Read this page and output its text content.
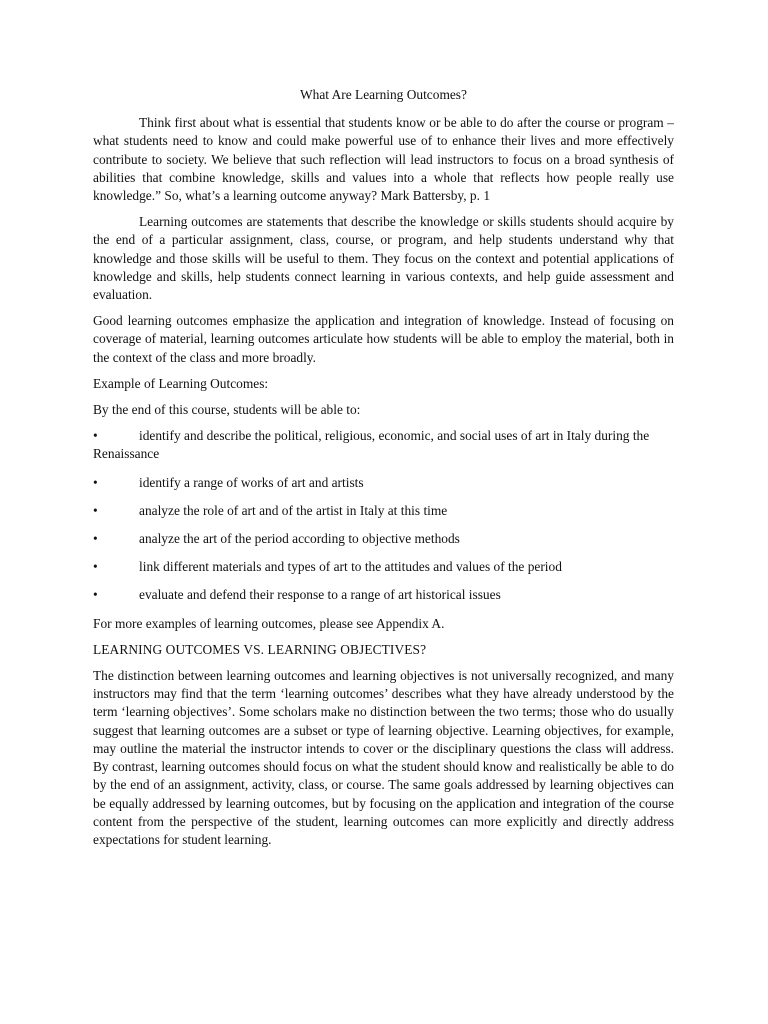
What Are Learning Outcomes?

Think first about what is essential that students know or be able to do after the course or program – what students need to know and could make powerful use of to enhance their lives and more effectively contribute to society. We believe that such reflection will lead instructors to focus on a broad synthesis of abilities that combine knowledge, skills and values into a whole that reflects how people really use knowledge.” So, what’s a learning outcome anyway? Mark Battersby, p. 1

Learning outcomes are statements that describe the knowledge or skills students should acquire by the end of a particular assignment, class, course, or program, and help students understand why that knowledge and those skills will be useful to them. They focus on the context and potential applications of knowledge and skills, help students connect learning in various contexts, and help guide assessment and evaluation.

Good learning outcomes emphasize the application and integration of knowledge. Instead of focusing on coverage of material, learning outcomes articulate how students will be able to employ the material, both in the context of the class and more broadly.

Example of Learning Outcomes:

By the end of this course, students will be able to:

•	identify and describe the political, religious, economic, and social uses of art in Italy during the Renaissance
•	identify a range of works of art and artists
•	analyze the role of art and of the artist in Italy at this time
•	analyze the art of the period according to objective methods
•	link different materials and types of art to the attitudes and values of the period
•	evaluate and defend their response to a range of art historical issues

For more examples of learning outcomes, please see Appendix A.

LEARNING OUTCOMES VS. LEARNING OBJECTIVES?

The distinction between learning outcomes and learning objectives is not universally recognized, and many instructors may find that the term ‘learning outcomes’ describes what they have already understood by the term ‘learning objectives’. Some scholars make no distinction between the two terms; those who do usually suggest that learning outcomes are a subset or type of learning objective. Learning objectives, for example, may outline the material the instructor intends to cover or the disciplinary questions the class will address. By contrast, learning outcomes should focus on what the student should know and realistically be able to do by the end of an assignment, activity, class, or course. The same goals addressed by learning objectives can be equally addressed by learning outcomes, but by focusing on the application and integration of the course content from the perspective of the student, learning outcomes can more explicitly and directly address expectations for student learning.
